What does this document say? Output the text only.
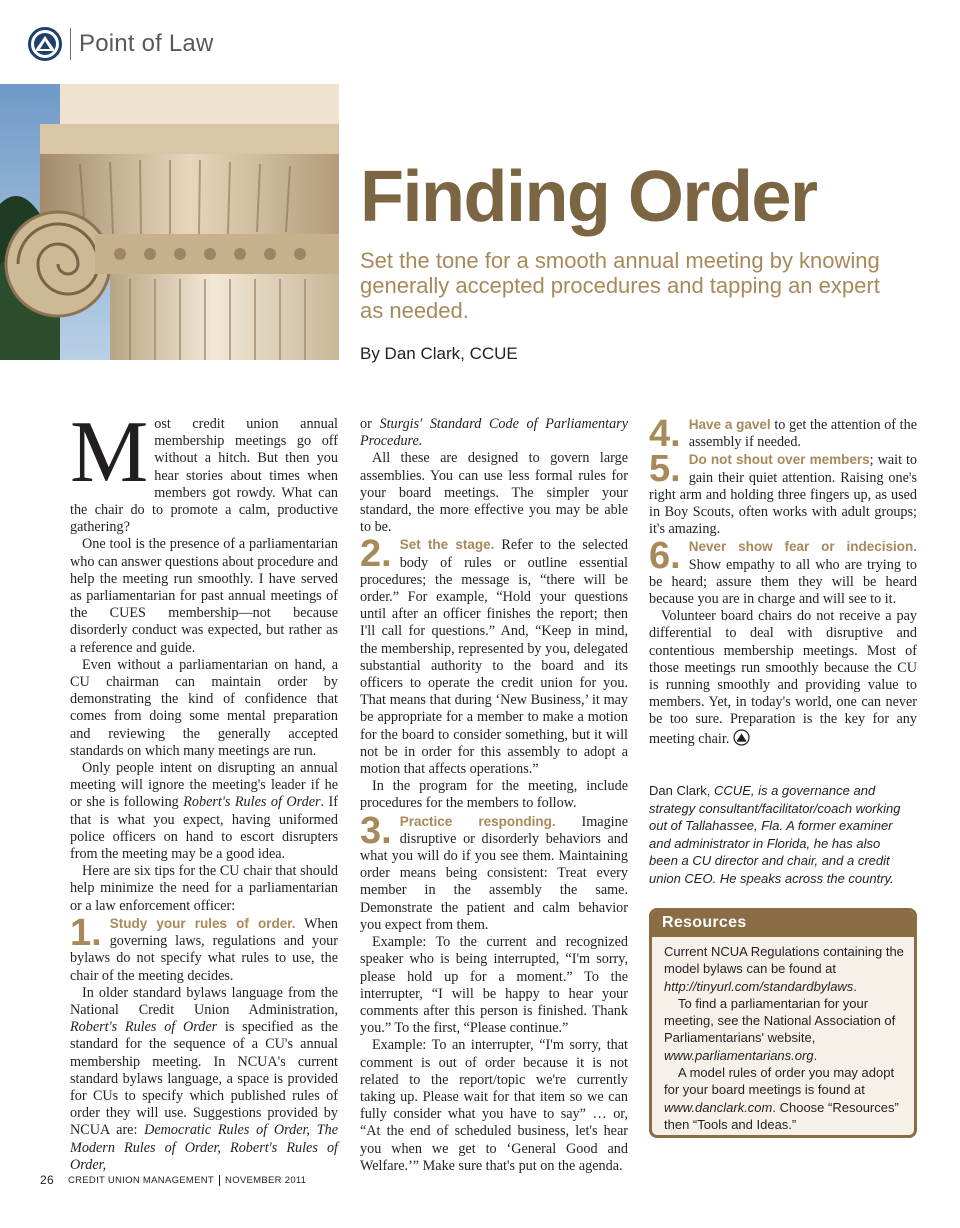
Point of Law
Finding Order

Set the tone for a smooth annual meeting by knowing generally accepted procedures and tapping an expert as needed.

By Dan Clark, CCUE

Most credit union annual membership meetings go off without a hitch. But then you hear stories about times when members got rowdy. What can the chair do to promote a calm, productive gathering?

One tool is the presence of a parliamentarian who can answer questions about procedure and help the meeting run smoothly. I have served as parliamentarian for past annual meetings of the CUES membership—not because disorderly conduct was expected, but rather as a reference and guide.

Even without a parliamentarian on hand, a CU chairman can maintain order by demonstrating the kind of confidence that comes from doing some mental preparation and reviewing the generally accepted standards on which many meetings are run.

Only people intent on disrupting an annual meeting will ignore the meeting's leader if he or she is following Robert's Rules of Order. If that is what you expect, having uniformed police officers on hand to escort disrupters from the meeting may be a good idea.

Here are six tips for the CU chair that should help minimize the need for a parliamentarian or a law enforcement officer:

1. Study your rules of order. When governing laws, regulations and your bylaws do not specify what rules to use, the chair of the meeting decides.

In older standard bylaws language from the National Credit Union Administration, Robert's Rules of Order is specified as the standard for the sequence of a CU's annual membership meeting. In NCUA's current standard bylaws language, a space is provided for CUs to specify which published rules of order they will use. Suggestions provided by NCUA are: Democratic Rules of Order, The Modern Rules of Order, Robert's Rules of Order,

or Sturgis' Standard Code of Parliamentary Procedure.

All these are designed to govern large assemblies. You can use less formal rules for your board meetings. The simpler your standard, the more effective you may be able to be.

2. Set the stage. Refer to the selected body of rules or outline essential procedures; the message is, “there will be order.” For example, “Hold your questions until after an officer finishes the report; then I'll call for questions.” And, “Keep in mind, the membership, represented by you, delegated substantial authority to the board and its officers to operate the credit union for you. That means that during ‘New Business,’ it may be appropriate for a member to make a motion for the board to consider something, but it will not be in order for this assembly to adopt a motion that affects operations.”

In the program for the meeting, include procedures for the members to follow.

3. Practice responding. Imagine disruptive or disorderly behaviors and what you will do if you see them. Maintaining order means being consistent: Treat every member in the assembly the same. Demonstrate the patient and calm behavior you expect from them.

Example: To the current and recognized speaker who is being interrupted, “I'm sorry, please hold up for a moment.” To the interrupter, “I will be happy to hear your comments after this person is finished. Thank you.” To the first, “Please continue.”

Example: To an interrupter, “I'm sorry, that comment is out of order because it is not related to the report/topic we're currently taking up. Please wait for that item so we can fully consider what you have to say” … or, “At the end of scheduled business, let's hear you when we get to ‘General Good and Welfare.’” Make sure that's put on the agenda.

4. Have a gavel to get the attention of the assembly if needed.

5. Do not shout over members; wait to gain their quiet attention. Raising one's right arm and holding three fingers up, as used in Boy Scouts, often works with adult groups; it's amazing.

6. Never show fear or indecision. Show empathy to all who are trying to be heard; assure them they will be heard because you are in charge and will see to it.

Volunteer board chairs do not receive a pay differential to deal with disruptive and contentious membership meetings. Most of those meetings run smoothly because the CU is running smoothly and providing value to members. Yet, in today's world, one can never be too sure. Preparation is the key for any meeting chair.

Dan Clark, CCUE, is a governance and strategy consultant/facilitator/coach working out of Tallahassee, Fla. A former examiner and administrator in Florida, he has also been a CU director and chair, and a credit union CEO. He speaks across the country.

Resources

Current NCUA Regulations containing the model bylaws can be found at http://tinyurl.com/standardbylaws.

To find a parliamentarian for your meeting, see the National Association of Parliamentarians' website, www.parliamentarians.org.

A model rules of order you may adopt for your board meetings is found at www.danclark.com. Choose “Resources” then “Tools and Ideas.”

26 CREDIT UNION MANAGEMENT NOVEMBER 2011
